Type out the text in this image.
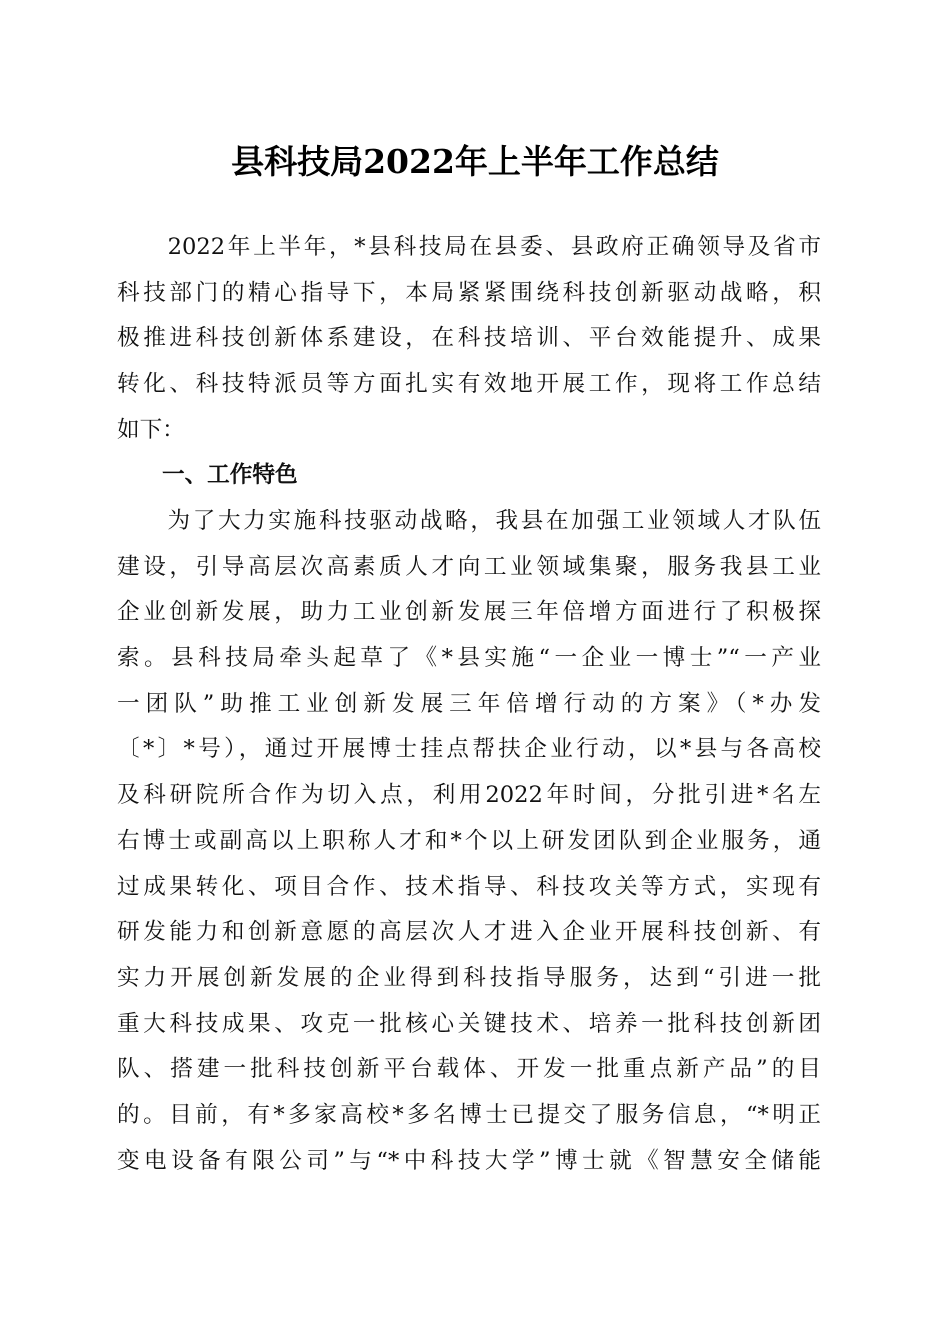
县科技局2022年上半年工作总结
　　2022年上半年，*县科技局在县委、县政府正确领导及省市
科技部门的精心指导下，本局紧紧围绕科技创新驱动战略，积
极推进科技创新体系建设，在科技培训、平台效能提升、成果
转化、科技特派员等方面扎实有效地开展工作，现将工作总结
如下：
一、工作特色
　　为了大力实施科技驱动战略，我县在加强工业领域人才队伍
建设，引导高层次高素质人才向工业领域集聚，服务我县工业
企业创新发展，助力工业创新发展三年倍增方面进行了积极探
索。县科技局牵头起草了《*县实施“一企业一博士”“一产业
一团队”助推工业创新发展三年倍增行动的方案》（*办发
〔*〕*号），通过开展博士挂点帮扶企业行动，以*县与各高校
及科研院所合作为切入点，利用2022年时间，分批引进*名左
右博士或副高以上职称人才和*个以上研发团队到企业服务，通
过成果转化、项目合作、技术指导、科技攻关等方式，实现有
研发能力和创新意愿的高层次人才进入企业开展科技创新、有
实力开展创新发展的企业得到科技指导服务，达到“引进一批
重大科技成果、攻克一批核心关键技术、培养一批科技创新团
队、搭建一批科技创新平台载体、开发一批重点新产品”的目
的。目前，有*多家高校*多名博士已提交了服务信息，“*明正
变电设备有限公司”与“*中科技大学”博士就《智慧安全储能
